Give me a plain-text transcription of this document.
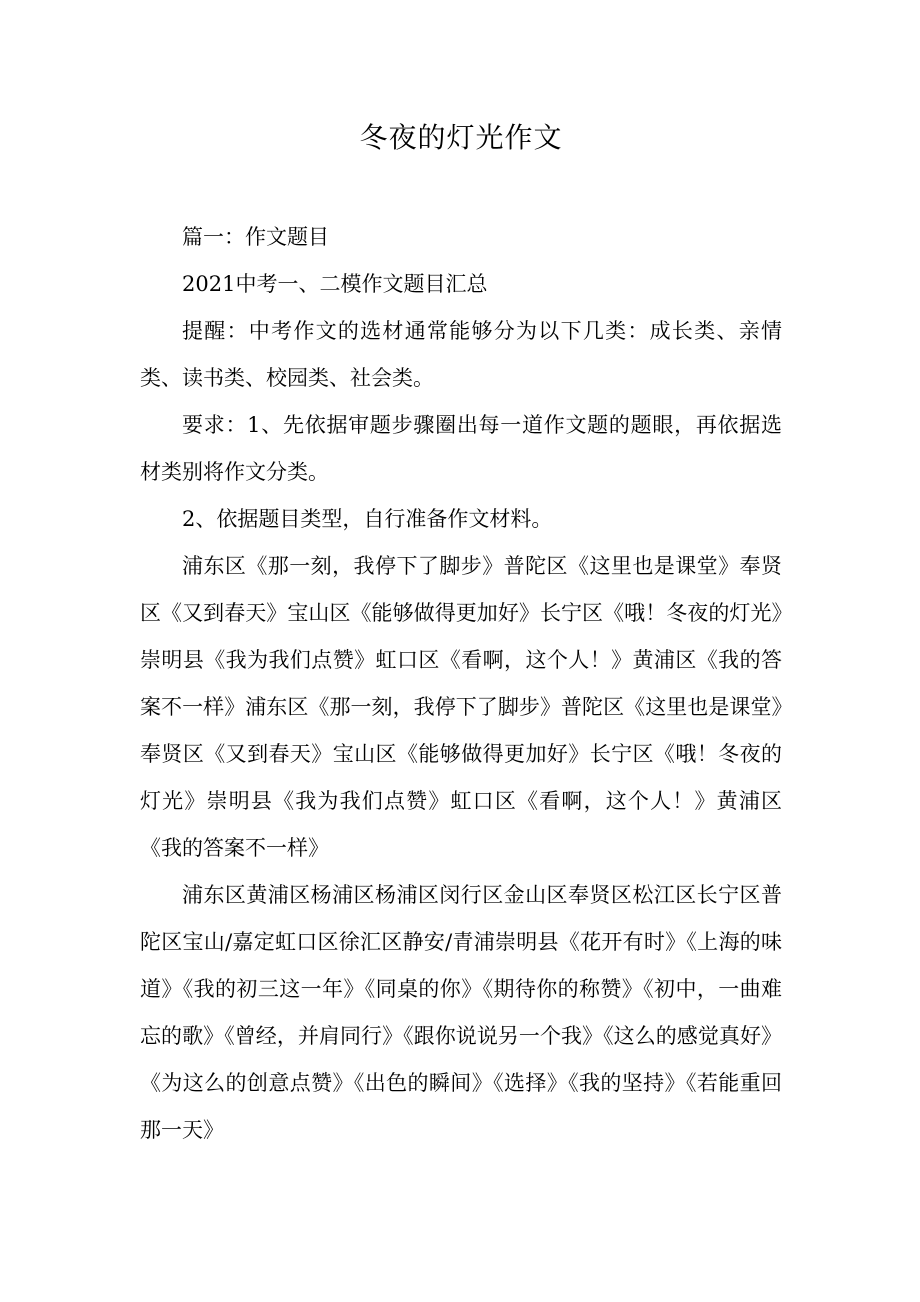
冬夜的灯光作文

篇一：作文题目

2021中考一、二模作文题目汇总

提醒：中考作文的选材通常能够分为以下几类：成长类、亲情类、读书类、校园类、社会类。

要求：1、先依据审题步骤圈出每一道作文题的题眼，再依据选材类别将作文分类。

2、依据题目类型，自行准备作文材料。

浦东区《那一刻，我停下了脚步》普陀区《这里也是课堂》奉贤区《又到春天》宝山区《能够做得更加好》长宁区《哦！冬夜的灯光》崇明县《我为我们点赞》虹口区《看啊，这个人！》黄浦区《我的答案不一样》浦东区《那一刻，我停下了脚步》普陀区《这里也是课堂》奉贤区《又到春天》宝山区《能够做得更加好》长宁区《哦！冬夜的灯光》崇明县《我为我们点赞》虹口区《看啊，这个人！》黄浦区《我的答案不一样》

浦东区黄浦区杨浦区杨浦区闵行区金山区奉贤区松江区长宁区普陀区宝山/嘉定虹口区徐汇区静安/青浦崇明县《花开有时》《上海的味道》《我的初三这一年》《同桌的你》《期待你的称赞》《初中，一曲难忘的歌》《曾经，并肩同行》《跟你说说另一个我》《这么的感觉真好》《为这么的创意点赞》《出色的瞬间》《选择》《我的坚持》《若能重回那一天》
